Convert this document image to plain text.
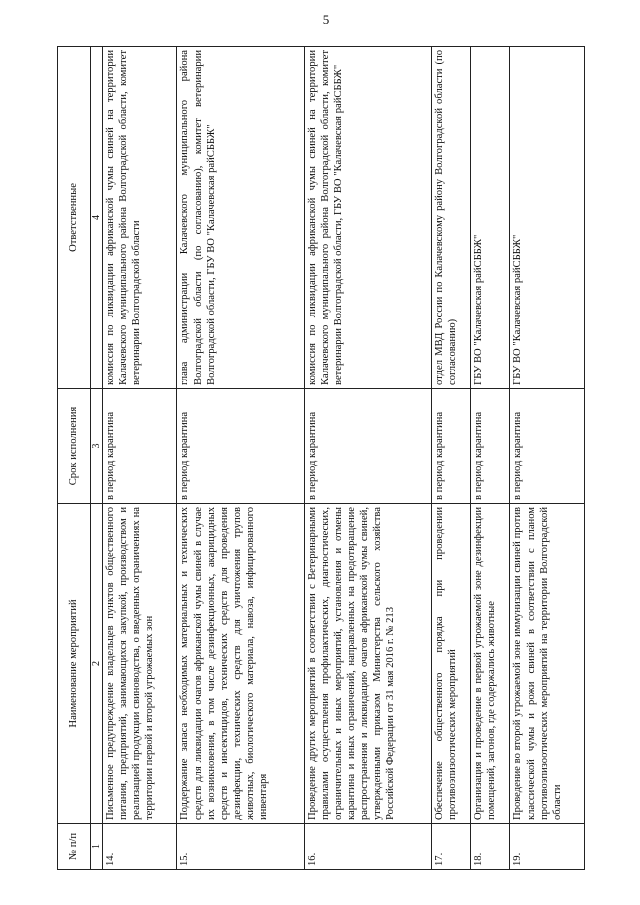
5
№ п/п	Наименование мероприятий	Срок исполнения	Ответственные
1	2	3	4
14.	Письменное предупреждение владельцев пунктов общественного питания, предприятий, занимающихся закупкой, производством и реализацией продукции свиноводства, о введенных ограничениях на территории первой и второй угрожаемых зон	в период карантина	комиссия по ликвидации африканской чумы свиней на территории Калачевского муниципального района Волгоградской области, комитет ветеринарии Волгоградской области
15.	Поддержание запаса необходимых материальных и технических средств для ликвидации очагов африканской чумы свиней в случае их возникновения, в том числе дезинфекционных, акарицидных средств и инсектицидов, технических средств для проведения дезинфекции, технических средств для уничтожения трупов животных, биологического материала, навоза, инфицированного инвентаря	в период карантина	глава администрации Калачевского муниципального района Волгоградской области (по согласованию), комитет ветеринарии Волгоградской области, ГБУ ВО "Калачевская райСББЖ"
16.	Проведение других мероприятий в соответствии с Ветеринарными правилами осуществления профилактических, диагностических, ограничительных и иных мероприятий, установления и отмены карантина и иных ограничений, направленных на предотвращение распространения и ликвидацию очагов африканской чумы свиней, утвержденными приказом Министерства сельского хозяйства Российской Федерации от 31 мая 2016 г. № 213	в период карантина	комиссия по ликвидации африканской чумы свиней на территории Калачевского муниципального района Волгоградской области, комитет ветеринарии Волгоградской области, ГБУ ВО "Калачевская райСББЖ"
17.	Обеспечение общественного порядка при проведении противоэпизоотических мероприятий	в период карантина	отдел МВД России по Калачевскому району Волгоградской области (по согласованию)
18.	Организация и проведение в первой угрожаемой зоне дезинфекции помещений, загонов, где содержались животные	в период карантина	ГБУ ВО "Калачевская райСББЖ"
19.	Проведение во второй угрожаемой зоне иммунизации свиней против классической чумы и рожи свиней в соответствии с планом противоэпизоотических мероприятий на территории Волгоградской области	в период карантина	ГБУ ВО "Калачевская райСББЖ"
